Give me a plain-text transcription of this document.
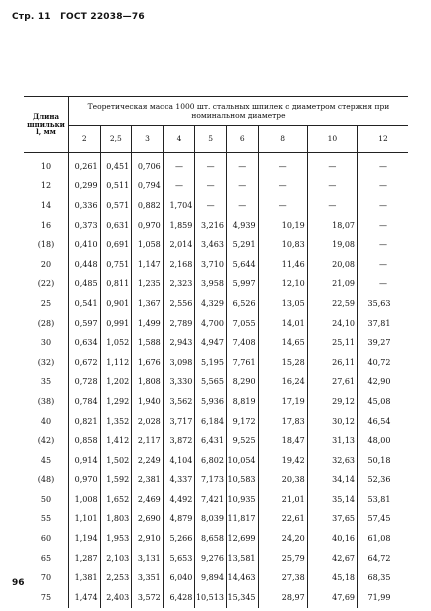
Стр. 11 ГОСТ 22038—76
Длина
шпильки
l, мм	Теоретическая масса 1000 шт. стальных шпилек с диаметром стержня при номинальном диаметре								
	2	2,5	3	4	5	6	8	10	12
10	0,261	0,451	0,706	—	—	—	—	—	—
12	0,299	0,511	0,794	—	—	—	—	—	—
14	0,336	0,571	0,882	1,704	—	—	—	—	—
16	0,373	0,631	0,970	1,859	3,216	4,939	10,19	18,07	—
(18)	0,410	0,691	1,058	2,014	3,463	5,291	10,83	19,08	—
20	0,448	0,751	1,147	2,168	3,710	5,644	11,46	20,08	—
(22)	0,485	0,811	1,235	2,323	3,958	5,997	12,10	21,09	—
25	0,541	0,901	1,367	2,556	4,329	6,526	13,05	22,59	35,63
(28)	0,597	0,991	1,499	2,789	4,700	7,055	14,01	24,10	37,81
30	0,634	1,052	1,588	2,943	4,947	7,408	14,65	25,11	39,27
(32)	0,672	1,112	1,676	3,098	5,195	7,761	15,28	26,11	40,72
35	0,728	1,202	1,808	3,330	5,565	8,290	16,24	27,61	42,90
(38)	0,784	1,292	1,940	3,562	5,936	8,819	17,19	29,12	45,08
40	0,821	1,352	2,028	3,717	6,184	9,172	17,83	30,12	46,54
(42)	0,858	1,412	2,117	3,872	6,431	9,525	18,47	31,13	48,00
45	0,914	1,502	2,249	4,104	6,802	10,054	19,42	32,63	50,18
(48)	0,970	1,592	2,381	4,337	7,173	10,583	20,38	34,14	52,36
50	1,008	1,652	2,469	4,492	7,421	10,935	21,01	35,14	53,81
55	1,101	1,803	2,690	4,879	8,039	11,817	22,61	37,65	57,45
60	1,194	1,953	2,910	5,266	8,658	12,699	24,20	40,16	61,08
65	1,287	2,103	3,131	5,653	9,276	13,581	25,79	42,67	64,72
70	1,381	2,253	3,351	6,040	9,894	14,463	27,38	45,18	68,35
75	1,474	2,403	3,572	6,428	10,513	15,345	28,97	47,69	71,99
96
